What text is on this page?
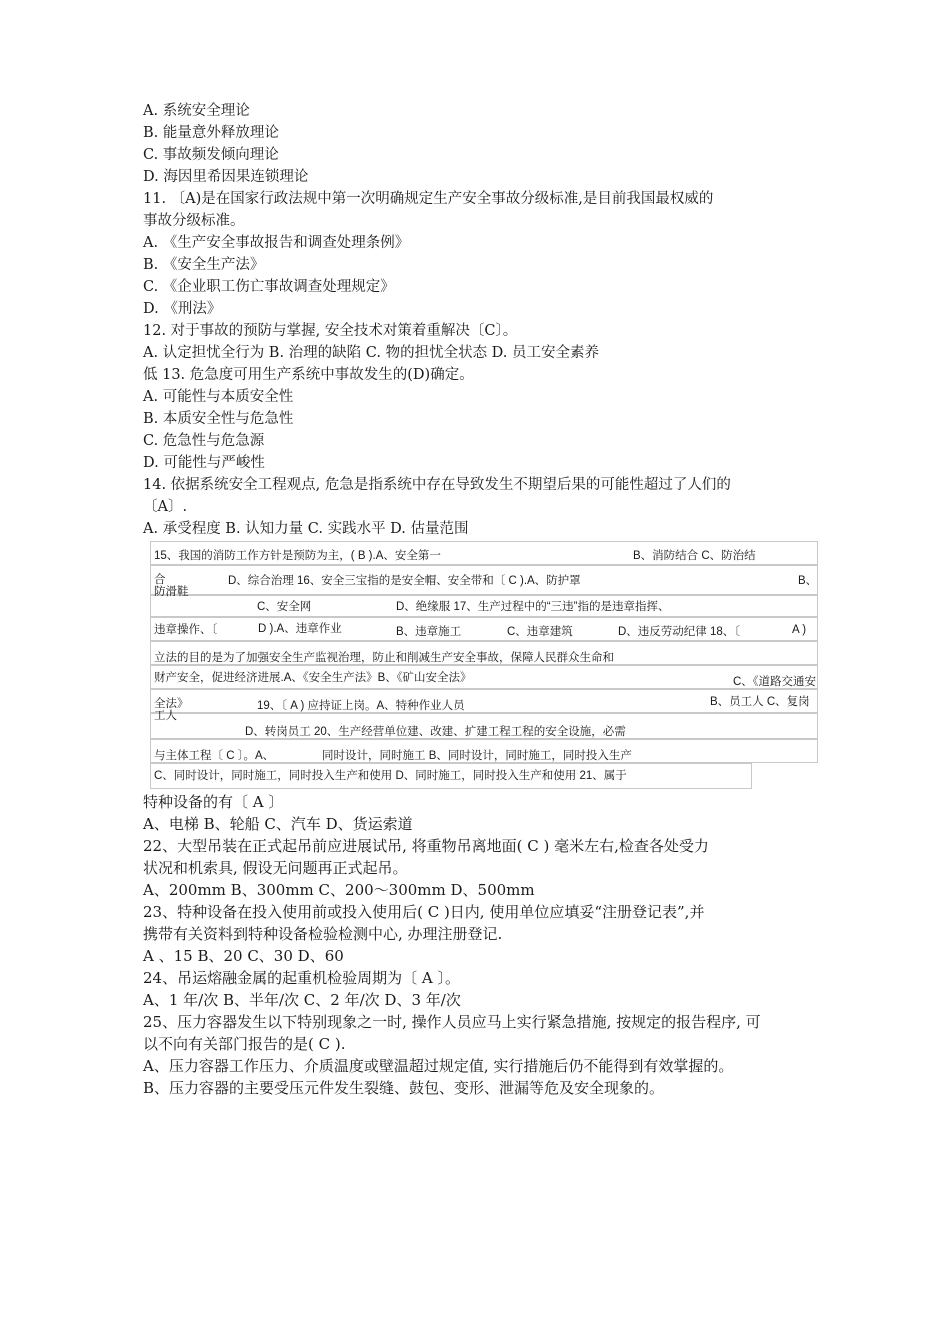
A. 系统安全理论
B. 能量意外释放理论
C. 事故频发倾向理论
D. 海因里希因果连锁理论
11. 〔A)是在国家行政法规中第一次明确规定生产安全事故分级标准,是目前我国最权威的
事故分级标准。
A. 《生产安全事故报告和调查处理条例》
B. 《安全生产法》
C. 《企业职工伤亡事故调查处理规定》
D. 《刑法》
12. 对于事故的预防与掌握, 安全技术对策着重解决〔C〕。
A. 认定担忧全行为 B. 治理的缺陷 C. 物的担忧全状态 D. 员工安全素养
低 13. 危急度可用生产系统中事故发生的(D)确定。
A. 可能性与本质安全性
B. 本质安全性与危急性
C. 危急性与危急源
D. 可能性与严峻性
14. 依据系统安全工程观点, 危急是指系统中存在导致发生不期望后果的可能性超过了人们的
〔A〕.
A. 承受程度 B. 认知力量 C. 实践水平 D. 估量范围
15、我国的消防工作方针是预防为主，( B ).A、安全第一	B、消防结合 C、防治结
合	D、综合治理 16、安全三宝指的是安全帽、安全带和〔 C ).A、防护罩	B、
防滑鞋
C、安全网	D、绝缘服 17、生产过程中的“三违”指的是违章指挥、
违章操作、〔	D ).A、违章作业	B、违章施工	C、违章建筑	D、违反劳动纪律 18、〔	A )
立法的目的是为了加强安全生产监视治理，防止和削减生产安全事故，保障人民群众生命和
财产安全，促进经济进展.A、《安全生产法》B、《矿山安全法》	C、《道路交通安
全法》	19、〔 A ) 应持证上岗。A、特种作业人员	B、员工人 C、复岗
工人
D、转岗员工 20、生产经营单位建、改建、扩建工程工程的安全设施，必需
与主体工程〔 C 〕。A、	同时设计，同时施工 B、同时设计，同时施工，同时投入生产
C、同时设计，同时施工，同时投入生产和使用 D、同时施工，同时投入生产和使用 21、属于
特种设备的有〔 A 〕
A、电梯 B、轮船 C、汽车 D、货运索道
22、大型吊装在正式起吊前应进展试吊, 将重物吊离地面( C ) 毫米左右,检查各处受力
状况和机索具, 假设无问题再正式起吊。
A、200mm B、300mm C、200～300mm D、500mm
23、特种设备在投入使用前或投入使用后( C )日内, 使用单位应填妥“注册登记表”,并
携带有关资料到特种设备检验检测中心, 办理注册登记.
A 、15 B、20 C、30 D、60
24、吊运熔融金属的起重机检验周期为〔 A 〕。
A、1 年/次 B、半年/次 C、2 年/次 D、3 年/次
25、压力容器发生以下特别现象之一时, 操作人员应马上实行紧急措施, 按规定的报告程序, 可
以不向有关部门报告的是( C ).
A、压力容器工作压力、介质温度或壁温超过规定值, 实行措施后仍不能得到有效掌握的。
B、压力容器的主要受压元件发生裂缝、鼓包、变形、泄漏等危及安全现象的。
